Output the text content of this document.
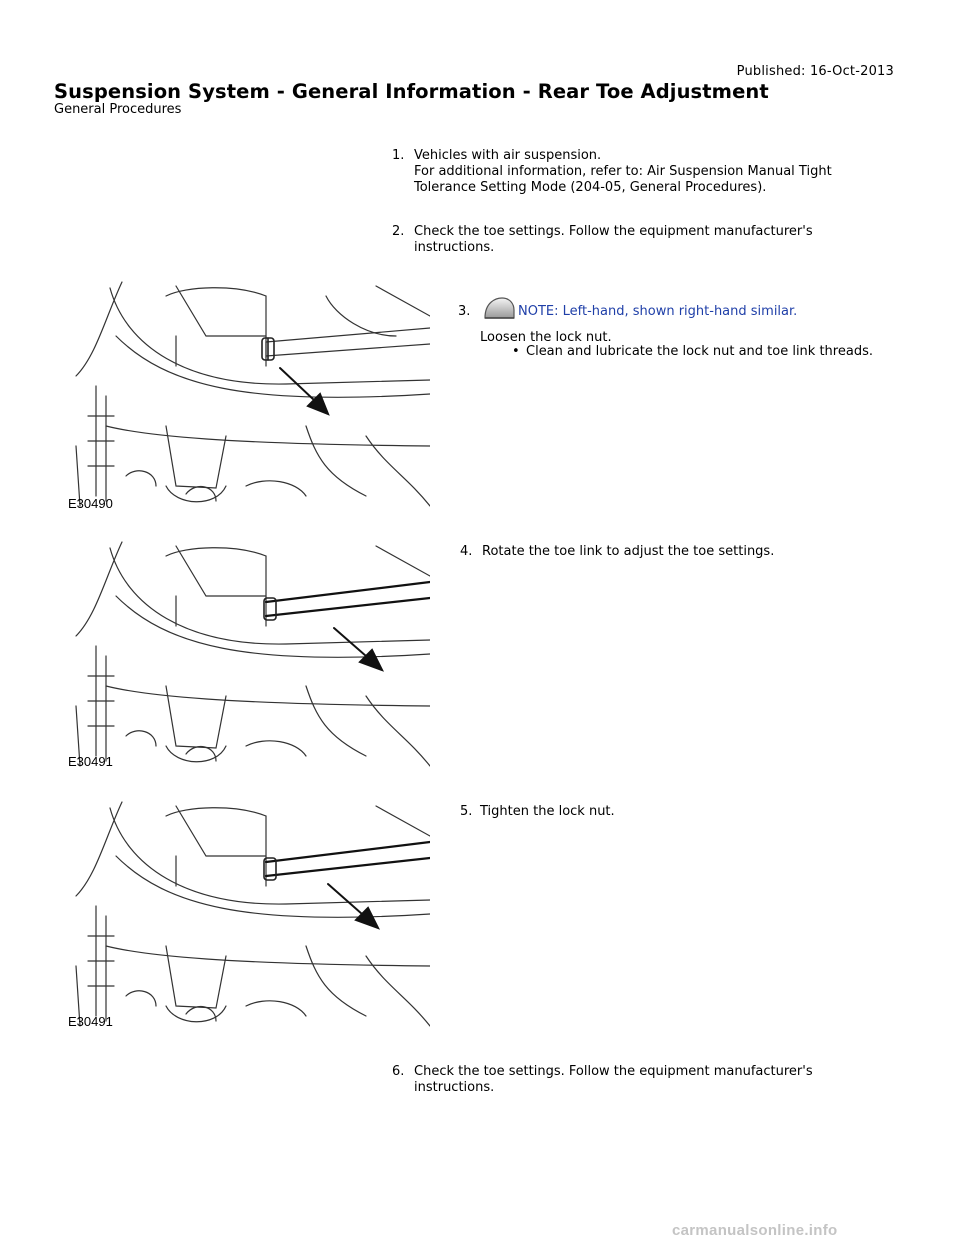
Published: 16-Oct-2013
Suspension System - General Information - Rear Toe Adjustment
General Procedures
1. Vehicles with air suspension.
For additional information, refer to: Air Suspension Manual Tight
Tolerance Setting Mode (204-05, General Procedures).
2. Check the toe settings. Follow the equipment manufacturer's
instructions.
3.	NOTE: Left-hand, shown right-hand similar.
Loosen the lock nut.
• Clean and lubricate the lock nut and toe link threads.
4. Rotate the toe link to adjust the toe settings.
5. Tighten the lock nut.
6. Check the toe settings. Follow the equipment manufacturer's
instructions.
E30490
E30491
E30491
carmanualsonline.info
